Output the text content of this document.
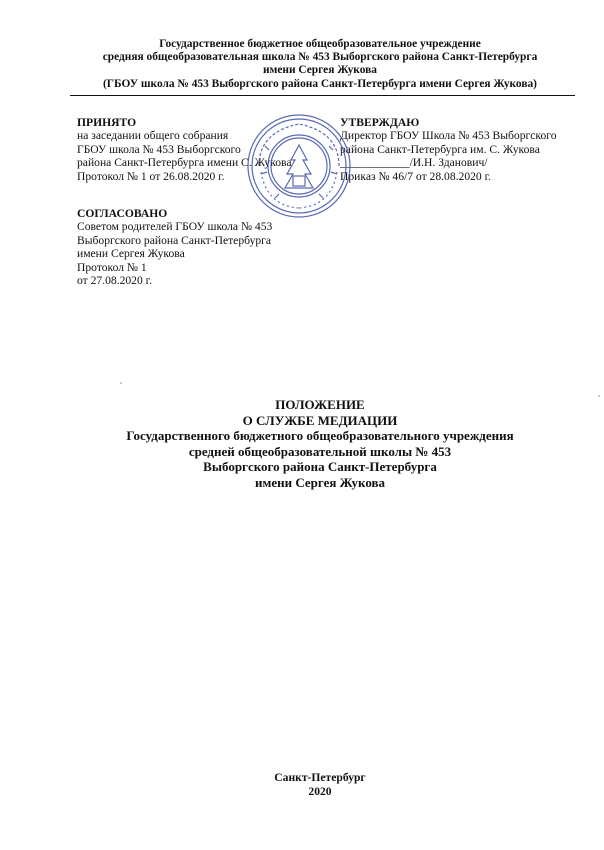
Государственное бюджетное общеобразовательное учреждение
средняя общеобразовательная школа № 453 Выборгского района Санкт-Петербурга
имени Сергея Жукова
(ГБОУ школа № 453 Выборгского района Санкт-Петербурга имени Сергея Жукова)
ПРИНЯТО
на заседании общего собрания
ГБОУ школа № 453 Выборгского
района Санкт-Петербурга имени С. Жукова
Протокол № 1 от 26.08.2020 г.
УТВЕРЖДАЮ
Директор ГБОУ Школа № 453 Выборгского
района Санкт-Петербурга им. С. Жукова
____________/И.Н. Зданович/
Приказ № 46/7 от 28.08.2020 г.
СОГЛАСОВАНО
Советом родителей ГБОУ школа № 453
Выборгского района Санкт-Петербурга
имени Сергея Жукова
Протокол № 1
от 27.08.2020 г.
ПОЛОЖЕНИЕ
О СЛУЖБЕ МЕДИАЦИИ
Государственного бюджетного общеобразовательного учреждения
средней общеобразовательной школы № 453
Выборгского района Санкт-Петербурга
имени Сергея Жукова
Санкт-Петербург
2020
